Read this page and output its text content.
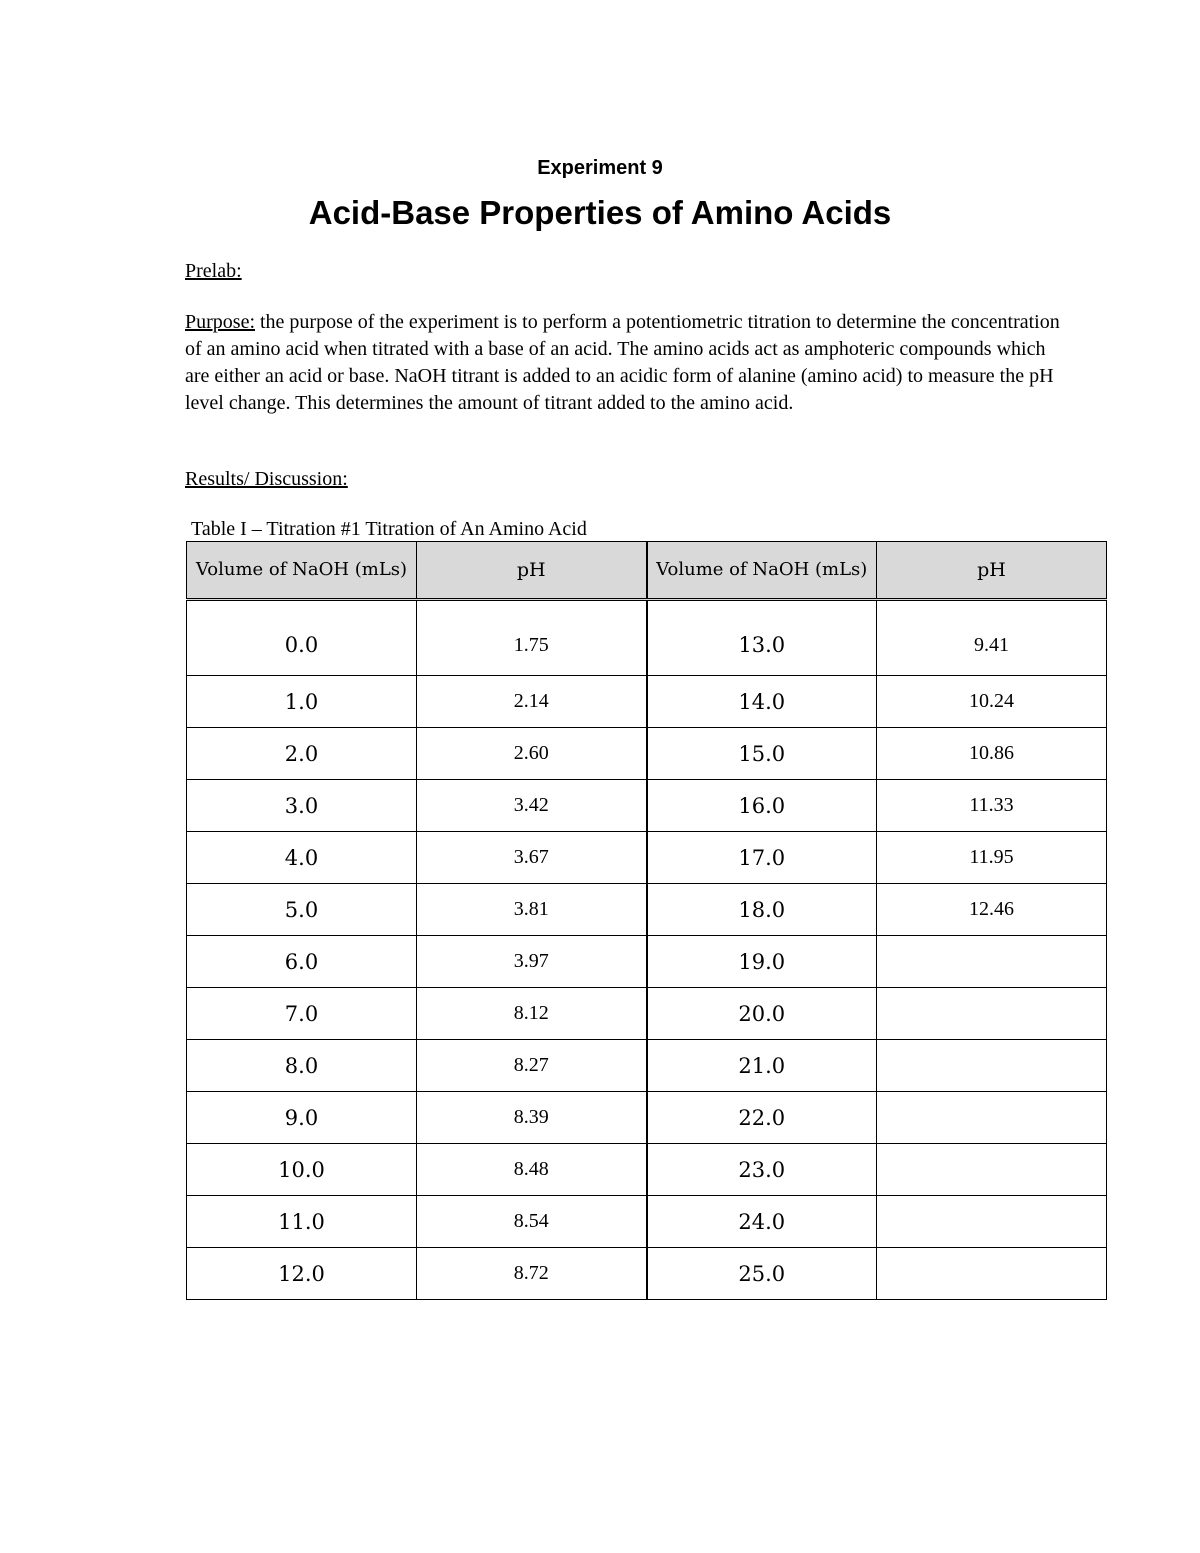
Experiment 9
Acid-Base Properties of Amino Acids
Prelab:

Purpose: the purpose of the experiment is to perform a potentiometric titration to determine the concentration of an amino acid when titrated with a base of an acid. The amino acids act as amphoteric compounds which are either an acid or base. NaOH titrant is added to an acidic form of alanine (amino acid) to measure the pH level change. This determines the amount of titrant added to the amino acid.

Results/ Discussion:
Table I – Titration #1 Titration of An Amino Acid
Volume of NaOH (mLs)	pH	Volume of NaOH (mLs)	pH
0.0	1.75	13.0	9.41
1.0	2.14	14.0	10.24
2.0	2.60	15.0	10.86
3.0	3.42	16.0	11.33
4.0	3.67	17.0	11.95
5.0	3.81	18.0	12.46
6.0	3.97	19.0	
7.0	8.12	20.0	
8.0	8.27	21.0	
9.0	8.39	22.0	
10.0	8.48	23.0	
11.0	8.54	24.0	
12.0	8.72	25.0	
